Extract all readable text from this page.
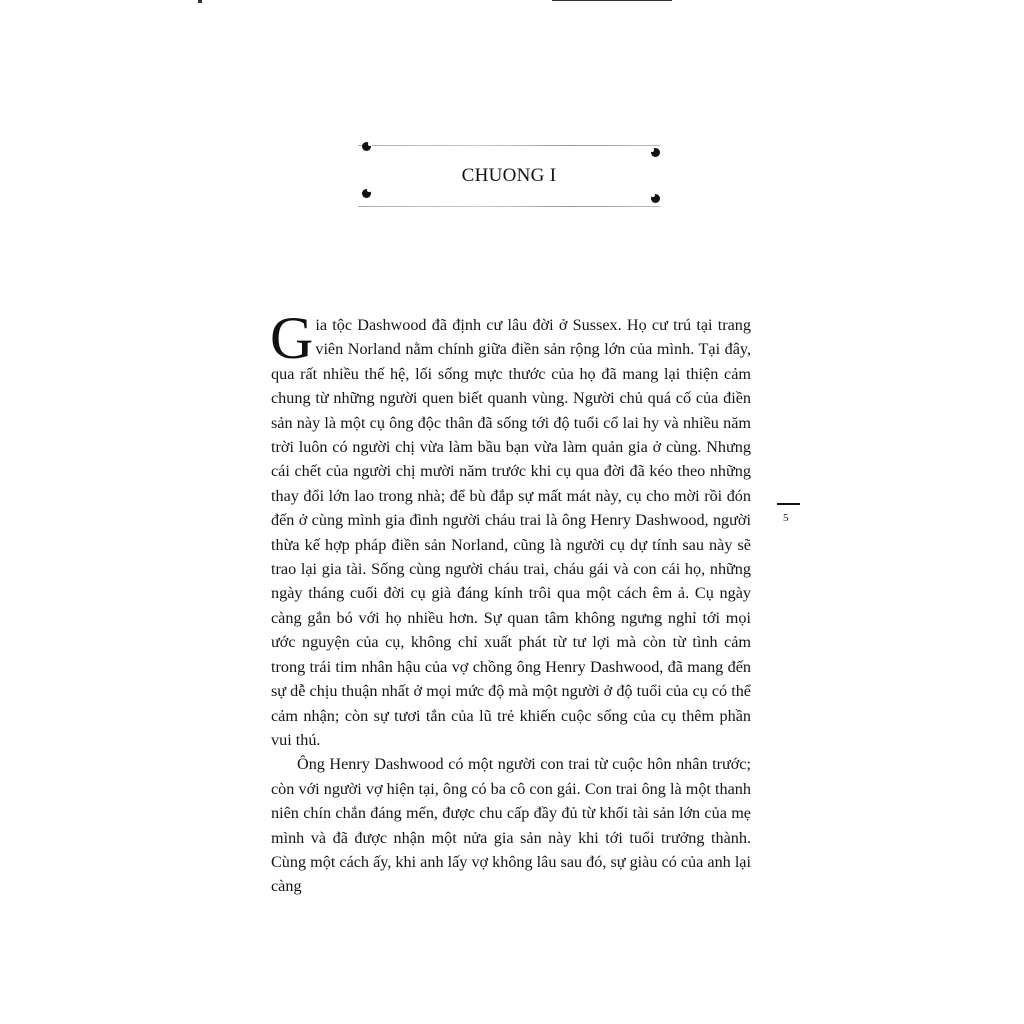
CHUONG I

Gia tộc Dashwood đã định cư lâu đời ở Sussex. Họ cư trú tại trang viên Norland nằm chính giữa điền sản rộng lớn của mình. Tại đây, qua rất nhiều thế hệ, lối sống mực thước của họ đã mang lại thiện cảm chung từ những người quen biết quanh vùng. Người chủ quá cố của điền sản này là một cụ ông độc thân đã sống tới độ tuổi cổ lai hy và nhiều năm trời luôn có người chị vừa làm bầu bạn vừa làm quản gia ở cùng. Nhưng cái chết của người chị mười năm trước khi cụ qua đời đã kéo theo những thay đổi lớn lao trong nhà; để bù đắp sự mất mát này, cụ cho mời rồi đón đến ở cùng mình gia đình người cháu trai là ông Henry Dashwood, người thừa kế hợp pháp điền sản Norland, cũng là người cụ dự tính sau này sẽ trao lại gia tài. Sống cùng người cháu trai, cháu gái và con cái họ, những ngày tháng cuối đời cụ già đáng kính trôi qua một cách êm ả. Cụ ngày càng gắn bó với họ nhiều hơn. Sự quan tâm không ngưng nghỉ tới mọi ước nguyện của cụ, không chỉ xuất phát từ tư lợi mà còn từ tình cảm trong trái tim nhân hậu của vợ chồng ông Henry Dashwood, đã mang đến sự dễ chịu thuận nhất ở mọi mức độ mà một người ở độ tuổi của cụ có thể cảm nhận; còn sự tươi tắn của lũ trẻ khiến cuộc sống của cụ thêm phần vui thú.

Ông Henry Dashwood có một người con trai từ cuộc hôn nhân trước; còn với người vợ hiện tại, ông có ba cô con gái. Con trai ông là một thanh niên chín chắn đáng mến, được chu cấp đầy đủ từ khối tài sản lớn của mẹ mình và đã được nhận một nửa gia sản này khi tới tuổi trưởng thành. Cùng một cách ấy, khi anh lấy vợ không lâu sau đó, sự giàu có của anh lại càng

5
